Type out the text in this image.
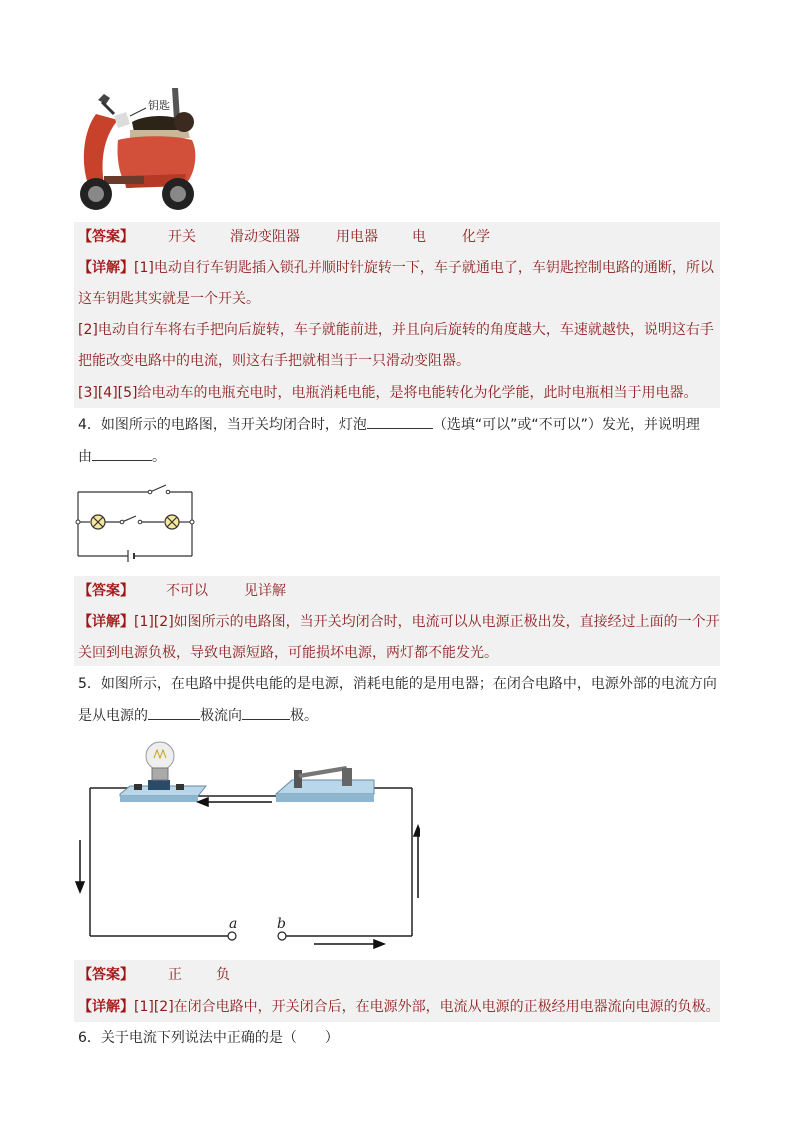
钥匙
【答案】 开关 滑动变阻器	用电器 电	化学
【详解】[1]电动自行车钥匙插入锁孔并顺时针旋转一下，车子就通电了，车钥匙控制电路的通断，所以
这车钥匙其实就是一个开关。
[2]电动自行车将右手把向后旋转，车子就能前进，并且向后旋转的角度越大，车速就越快，说明这右手
把能改变电路中的电流，则这右手把就相当于一只滑动变阻器。
[3][4][5]给电动车的电瓶充电时，电瓶消耗电能，是将电能转化为化学能，此时电瓶相当于用电器。
4．如图所示的电路图，当开关均闭合时，灯泡	（选填“可以”或“不可以”）发光，并说明理
由	。
【答案】 不可以	见详解
【详解】[1][2]如图所示的电路图，当开关均闭合时，电流可以从电源正极出发，直接经过上面的一个开
关回到电源负极，导致电源短路，可能损坏电源，两灯都不能发光。
5．如图所示，在电路中提供电能的是电源，消耗电能的是用电器；在闭合电路中，电源外部的电流方向
是从电源的	极流向	极。
a	b
【答案】 正 负
【详解】[1][2]在闭合电路中，开关闭合后，在电源外部，电流从电源的正极经用电器流向电源的负极。
6．关于电流下列说法中正确的是（　　）
